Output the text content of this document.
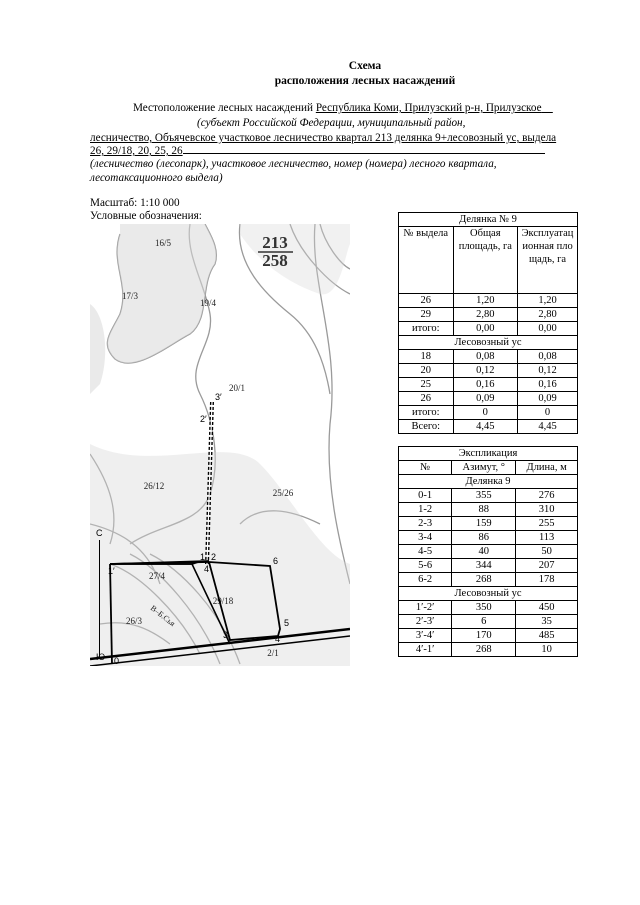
Схема
расположения лесных насаждений
Местоположение лесных насаждений Республика Коми, Прилузский р-н, Прилузское
(субъект Российской Федерации, муниципальный район,
лесничество, Объячевское участковое лесничество квартал 213 делянка 9+лесовозный ус, выдела
26, 29/18, 20, 25, 26
(лесничество (лесопарк), участковое лесничество, номер (номера) лесного квартала,
лесотаксационного выдела)
Масштаб: 1:10 000
Условные обозначения:
16/5
17/3
19/4
20/1
26/12
25/26
27/4
26/3
29/18
2/1
213
258
3′
2′
1 2
4′
6
3	4
5
0
1′
В–Б.Сья
С
Ю
Делянка № 9		
№ выдела	Общая площадь, га	Эксплуатационная площадь, га
26	1,20	1,20
29	2,80	2,80
итого:	0,00	0,00
Лесовозный ус		
18	0,08	0,08
20	0,12	0,12
25	0,16	0,16
26	0,09	0,09
итого:	0	0
Всего:	4,45	4,45
Экспликация		
№	Азимут, °	Длина, м
Делянка 9		
0-1	355	276
1-2	88	310
2-3	159	255
3-4	86	113
4-5	40	50
5-6	344	207
6-2	268	178
Лесовозный ус		
1′-2′	350	450
2′-3′	6	35
3′-4′	170	485
4′-1′	268	10
